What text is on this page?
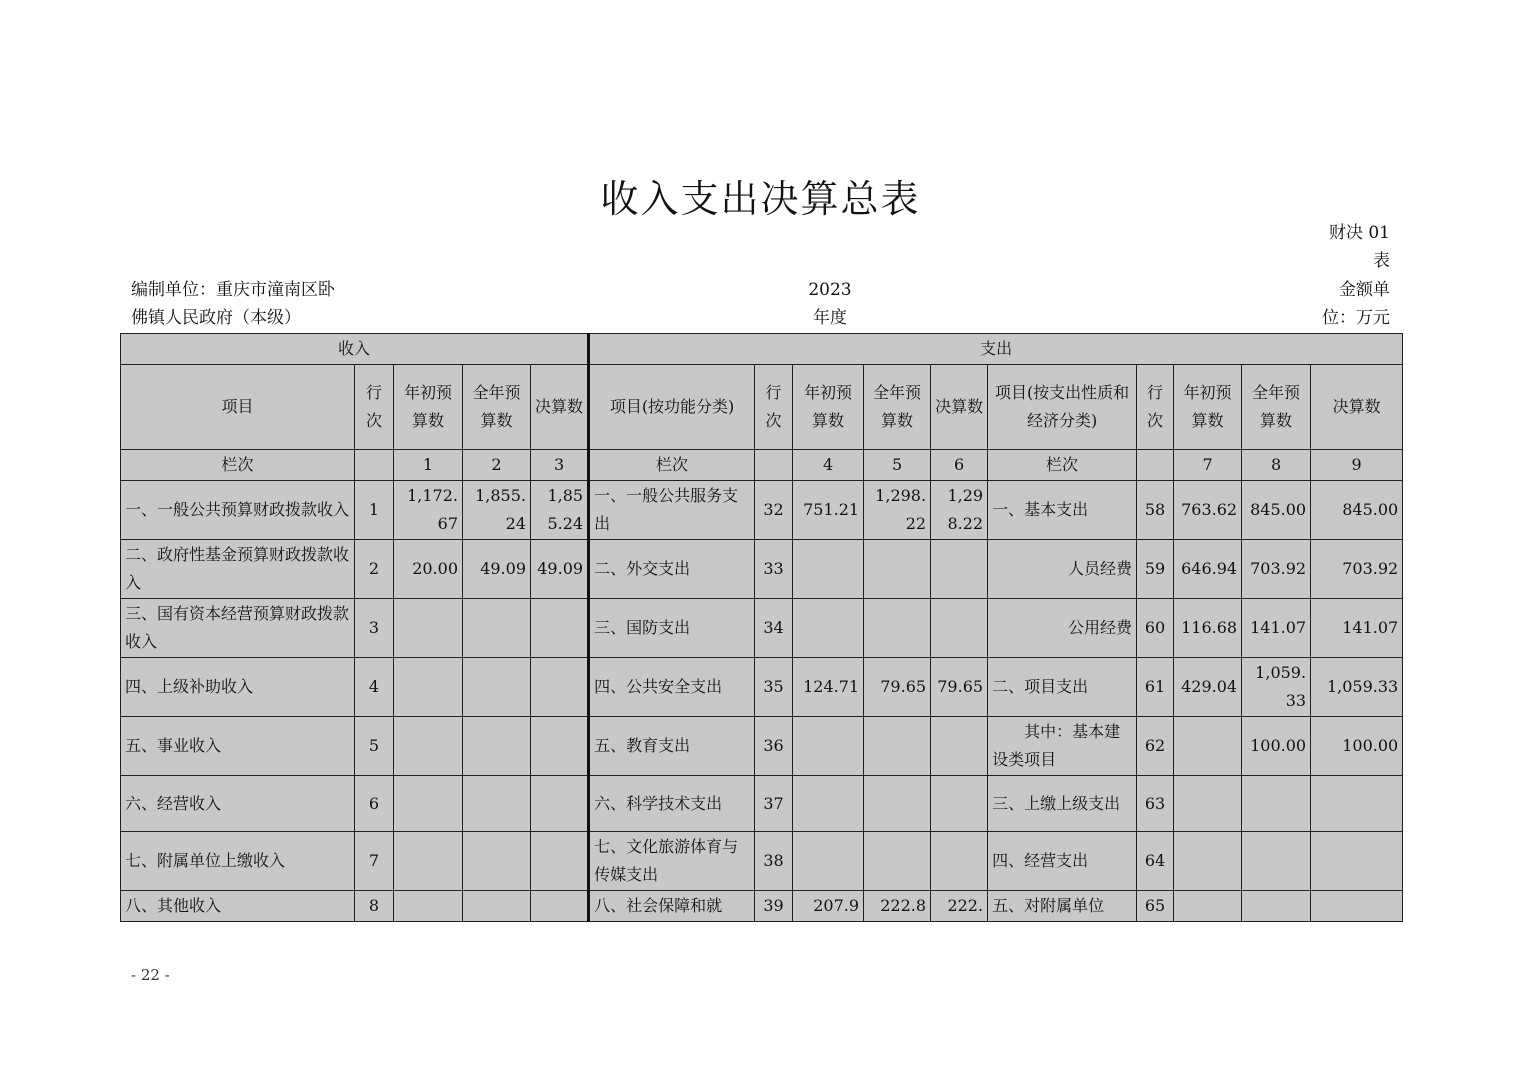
收入支出决算总表
财决 01
表
编制单位：重庆市潼南区卧
佛镇人民政府（本级）
2023
年度
金额单
位：万元
收入					支出									
项目	行次	年初预算数	全年预算数	决算数	项目(按功能分类)	行次	年初预算数	全年预算数	决算数	项目(按支出性质和经济分类)	行次	年初预算数	全年预算数	决算数
栏次		1	2	3	栏次		4	5	6	栏次		7	8	9
一、一般公共预算财政拨款收入	1	1,172.67	1,855.24	1,855.24	一、一般公共服务支出	32	751.21	1,298.22	1,298.22	一、基本支出	58	763.62	845.00	845.00
二、政府性基金预算财政拨款收入	2	20.00	49.09	49.09	二、外交支出	33				人员经费	59	646.94	703.92	703.92
三、国有资本经营预算财政拨款收入	3				三、国防支出	34				公用经费	60	116.68	141.07	141.07
四、上级补助收入	4				四、公共安全支出	35	124.71	79.65	79.65	二、项目支出	61	429.04	1,059.33	1,059.33
五、事业收入	5				五、教育支出	36				其中：基本建设类项目	62		100.00	100.00
六、经营收入	6				六、科学技术支出	37				三、上缴上级支出	63			
七、附属单位上缴收入	7				七、文化旅游体育与传媒支出	38				四、经营支出	64			
八、其他收入	8				八、社会保障和就	39	207.9	222.8	222.	五、对附属单位	65			
- 22 -
